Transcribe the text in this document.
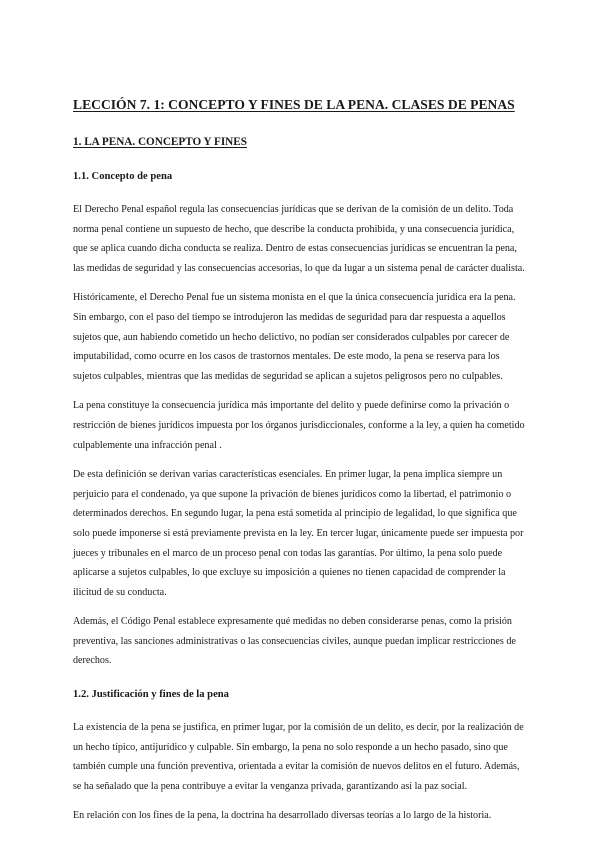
LECCIÓN 7. 1: CONCEPTO Y FINES DE LA PENA. CLASES DE PENAS
1. LA PENA. CONCEPTO Y FINES
1.1. Concepto de pena

El Derecho Penal español regula las consecuencias jurídicas que se derivan de la comisión de un delito. Toda norma penal contiene un supuesto de hecho, que describe la conducta prohibida, y una consecuencia jurídica, que se aplica cuando dicha conducta se realiza. Dentro de estas consecuencias jurídicas se encuentran la pena, las medidas de seguridad y las consecuencias accesorias, lo que da lugar a un sistema penal de carácter dualista.

Históricamente, el Derecho Penal fue un sistema monista en el que la única consecuencia jurídica era la pena. Sin embargo, con el paso del tiempo se introdujeron las medidas de seguridad para dar respuesta a aquellos sujetos que, aun habiendo cometido un hecho delictivo, no podían ser considerados culpables por carecer de imputabilidad, como ocurre en los casos de trastornos mentales. De este modo, la pena se reserva para los sujetos culpables, mientras que las medidas de seguridad se aplican a sujetos peligrosos pero no culpables.

La pena constituye la consecuencia jurídica más importante del delito y puede definirse como la privación o restricción de bienes jurídicos impuesta por los órganos jurisdiccionales, conforme a la ley, a quien ha cometido culpablemente una infracción penal .

De esta definición se derivan varias características esenciales. En primer lugar, la pena implica siempre un perjuicio para el condenado, ya que supone la privación de bienes jurídicos como la libertad, el patrimonio o determinados derechos. En segundo lugar, la pena está sometida al principio de legalidad, lo que significa que solo puede imponerse si está previamente prevista en la ley. En tercer lugar, únicamente puede ser impuesta por jueces y tribunales en el marco de un proceso penal con todas las garantías. Por último, la pena solo puede aplicarse a sujetos culpables, lo que excluye su imposición a quienes no tienen capacidad de comprender la ilicitud de su conducta.

Además, el Código Penal establece expresamente qué medidas no deben considerarse penas, como la prisión preventiva, las sanciones administrativas o las consecuencias civiles, aunque puedan implicar restricciones de derechos.

1.2. Justificación y fines de la pena

La existencia de la pena se justifica, en primer lugar, por la comisión de un delito, es decir, por la realización de un hecho típico, antijurídico y culpable. Sin embargo, la pena no solo responde a un hecho pasado, sino que también cumple una función preventiva, orientada a evitar la comisión de nuevos delitos en el futuro. Además, se ha señalado que la pena contribuye a evitar la venganza privada, garantizando así la paz social.

En relación con los fines de la pena, la doctrina ha desarrollado diversas teorías a lo largo de la historia.
